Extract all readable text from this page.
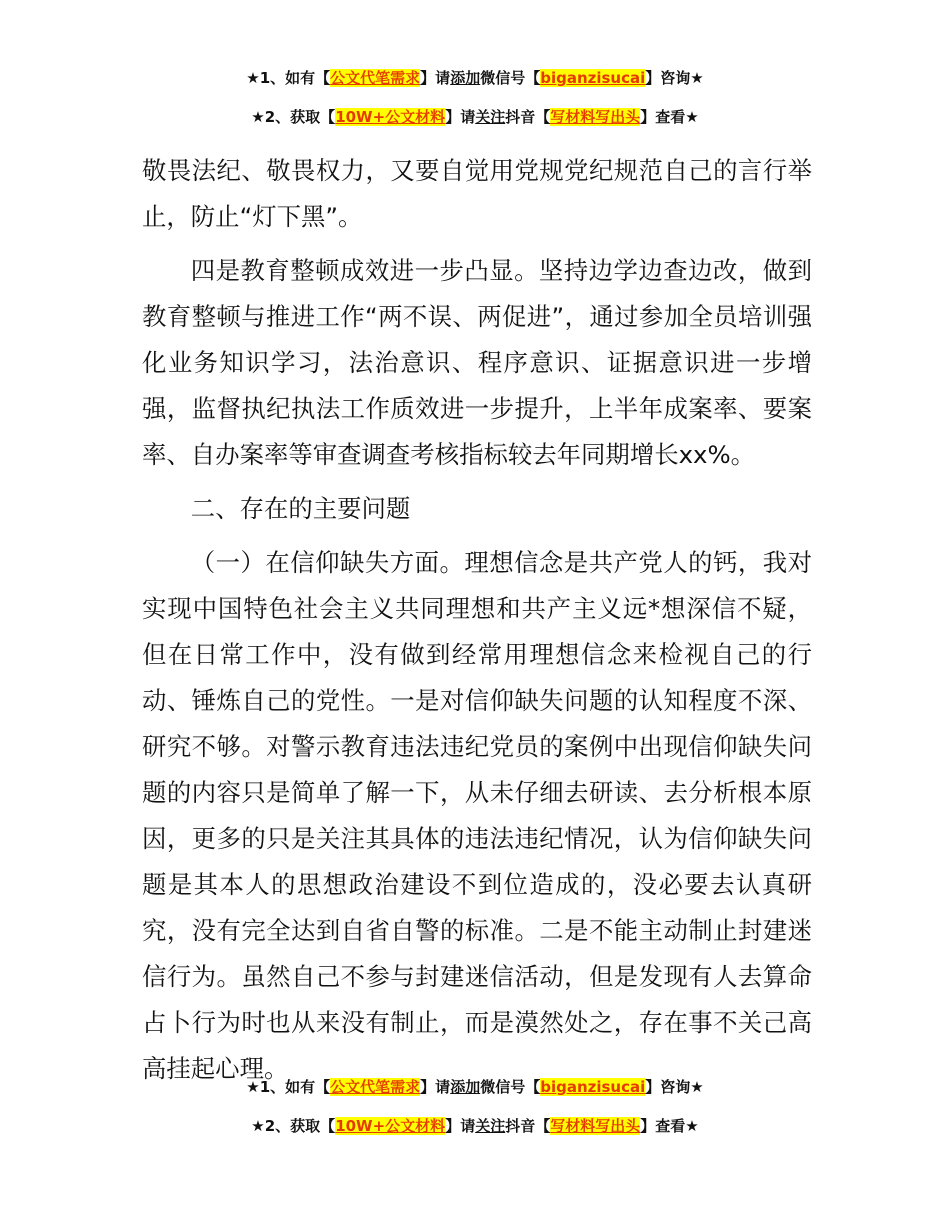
★1、如有【公文代笔需求】请添加微信号【biganzisucai】咨询★
★2、获取【10W+公文材料】请关注抖音【写材料写出头】查看★

敬畏法纪、敬畏权力，又要自觉用党规党纪规范自己的言行举止，防止“灯下黑”。

四是教育整顿成效进一步凸显。坚持边学边查边改，做到教育整顿与推进工作“两不误、两促进”，通过参加全员培训强化业务知识学习，法治意识、程序意识、证据意识进一步增强，监督执纪执法工作质效进一步提升，上半年成案率、要案率、自办案率等审查调查考核指标较去年同期增长xx%。

二、存在的主要问题

（一）在信仰缺失方面。理想信念是共产党人的钙，我对实现中国特色社会主义共同理想和共产主义远*想深信不疑，但在日常工作中，没有做到经常用理想信念来检视自己的行动、锤炼自己的党性。一是对信仰缺失问题的认知程度不深、研究不够。对警示教育违法违纪党员的案例中出现信仰缺失问题的内容只是简单了解一下，从未仔细去研读、去分析根本原因，更多的只是关注其具体的违法违纪情况，认为信仰缺失问题是其本人的思想政治建设不到位造成的，没必要去认真研究，没有完全达到自省自警的标准。二是不能主动制止封建迷信行为。虽然自己不参与封建迷信活动，但是发现有人去算命占卜行为时也从来没有制止，而是漠然处之，存在事不关己高高挂起心理。

★1、如有【公文代笔需求】请添加微信号【biganzisucai】咨询★
★2、获取【10W+公文材料】请关注抖音【写材料写出头】查看★
